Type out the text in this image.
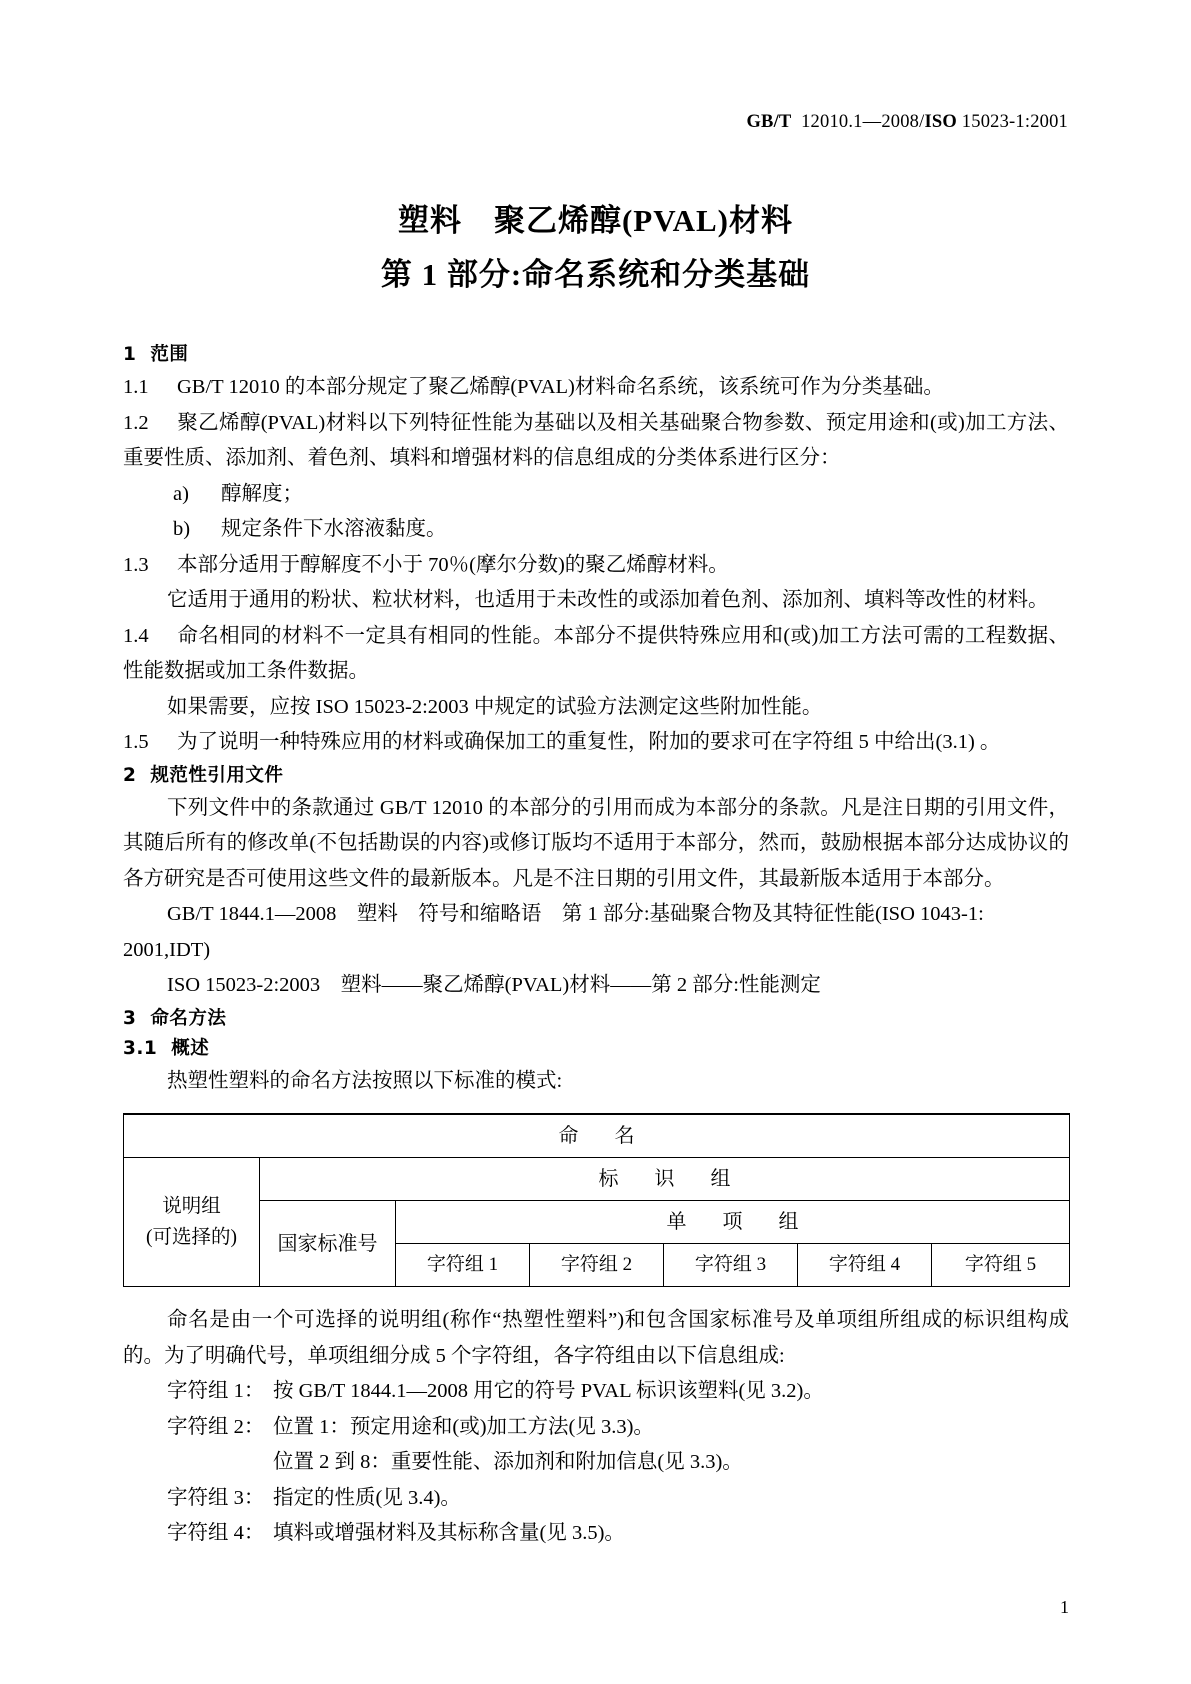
GB/T 12010.1—2008/ISO 15023-1:2001
塑料　聚乙烯醇(PVAL)材料
第 1 部分:命名系统和分类基础
1 范围

1.1 GB/T 12010 的本部分规定了聚乙烯醇(PVAL)材料命名系统，该系统可作为分类基础。

1.2 聚乙烯醇(PVAL)材料以下列特征性能为基础以及相关基础聚合物参数、预定用途和(或)加工方法、重要性质、添加剂、着色剂、填料和增强材料的信息组成的分类体系进行区分：

a) 醇解度；

b) 规定条件下水溶液黏度。

1.3 本部分适用于醇解度不小于 70％(摩尔分数)的聚乙烯醇材料。

它适用于通用的粉状、粒状材料，也适用于未改性的或添加着色剂、添加剂、填料等改性的材料。

1.4 命名相同的材料不一定具有相同的性能。本部分不提供特殊应用和(或)加工方法可需的工程数据、性能数据或加工条件数据。

如果需要，应按 ISO 15023-2:2003 中规定的试验方法测定这些附加性能。

1.5 为了说明一种特殊应用的材料或确保加工的重复性，附加的要求可在字符组 5 中给出(3.1) 。

2 规范性引用文件

下列文件中的条款通过 GB/T 12010 的本部分的引用而成为本部分的条款。凡是注日期的引用文件，其随后所有的修改单(不包括勘误的内容)或修订版均不适用于本部分，然而，鼓励根据本部分达成协议的各方研究是否可使用这些文件的最新版本。凡是不注日期的引用文件，其最新版本适用于本部分。

GB/T 1844.1—2008　塑料　符号和缩略语　第 1 部分:基础聚合物及其特征性能(ISO 1043-1:

2001,IDT)

ISO 15023-2:2003　塑料——聚乙烯醇(PVAL)材料——第 2 部分:性能测定

3 命名方法
3.1 概述

热塑性塑料的命名方法按照以下标准的模式:

命　名						

说明组
(可选择的)	标　识　组					
	国家标准号	单　项　组				
		字符组 1	字符组 2	字符组 3	字符组 4	字符组 5

命名是由一个可选择的说明组(称作“热塑性塑料”)和包含国家标准号及单项组所组成的标识组构成的。为了明确代号，单项组细分成 5 个字符组，各字符组由以下信息组成:

字符组 1： 按 GB/T 1844.1—2008 用它的符号 PVAL 标识该塑料(见 3.2)。

字符组 2： 位置 1：预定用途和(或)加工方法(见 3.3)。

位置 2 到 8：重要性能、添加剂和附加信息(见 3.3)。

字符组 3： 指定的性质(见 3.4)。

字符组 4： 填料或增强材料及其标称含量(见 3.5)。

1
